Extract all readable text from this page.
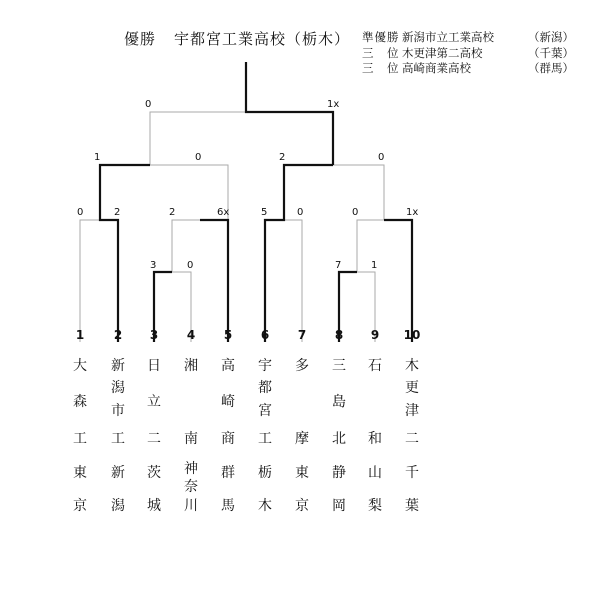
優勝 宇都宮工業高校（栃木） 準優勝 新潟市立工業高校	（新潟）
三　位 木更津第二高校	（千葉）
三　位 高崎商業高校	（群馬）
0	1x
1	0	2	0
0	2	2	6x	5	0	0	1x
3	0	7	1
1 2 3 4 5 6 7 8 9 10
大
森
工
東
京
新
潟
市
工
新
潟
日
立
二
茨
城
湘
南
神
奈
川
高
崎
商
群
馬
宇
都
宮
工
栃
木
多
摩
東
京
三
島
北
静
岡
石
和
山
梨
木
更
津
二
千
葉
